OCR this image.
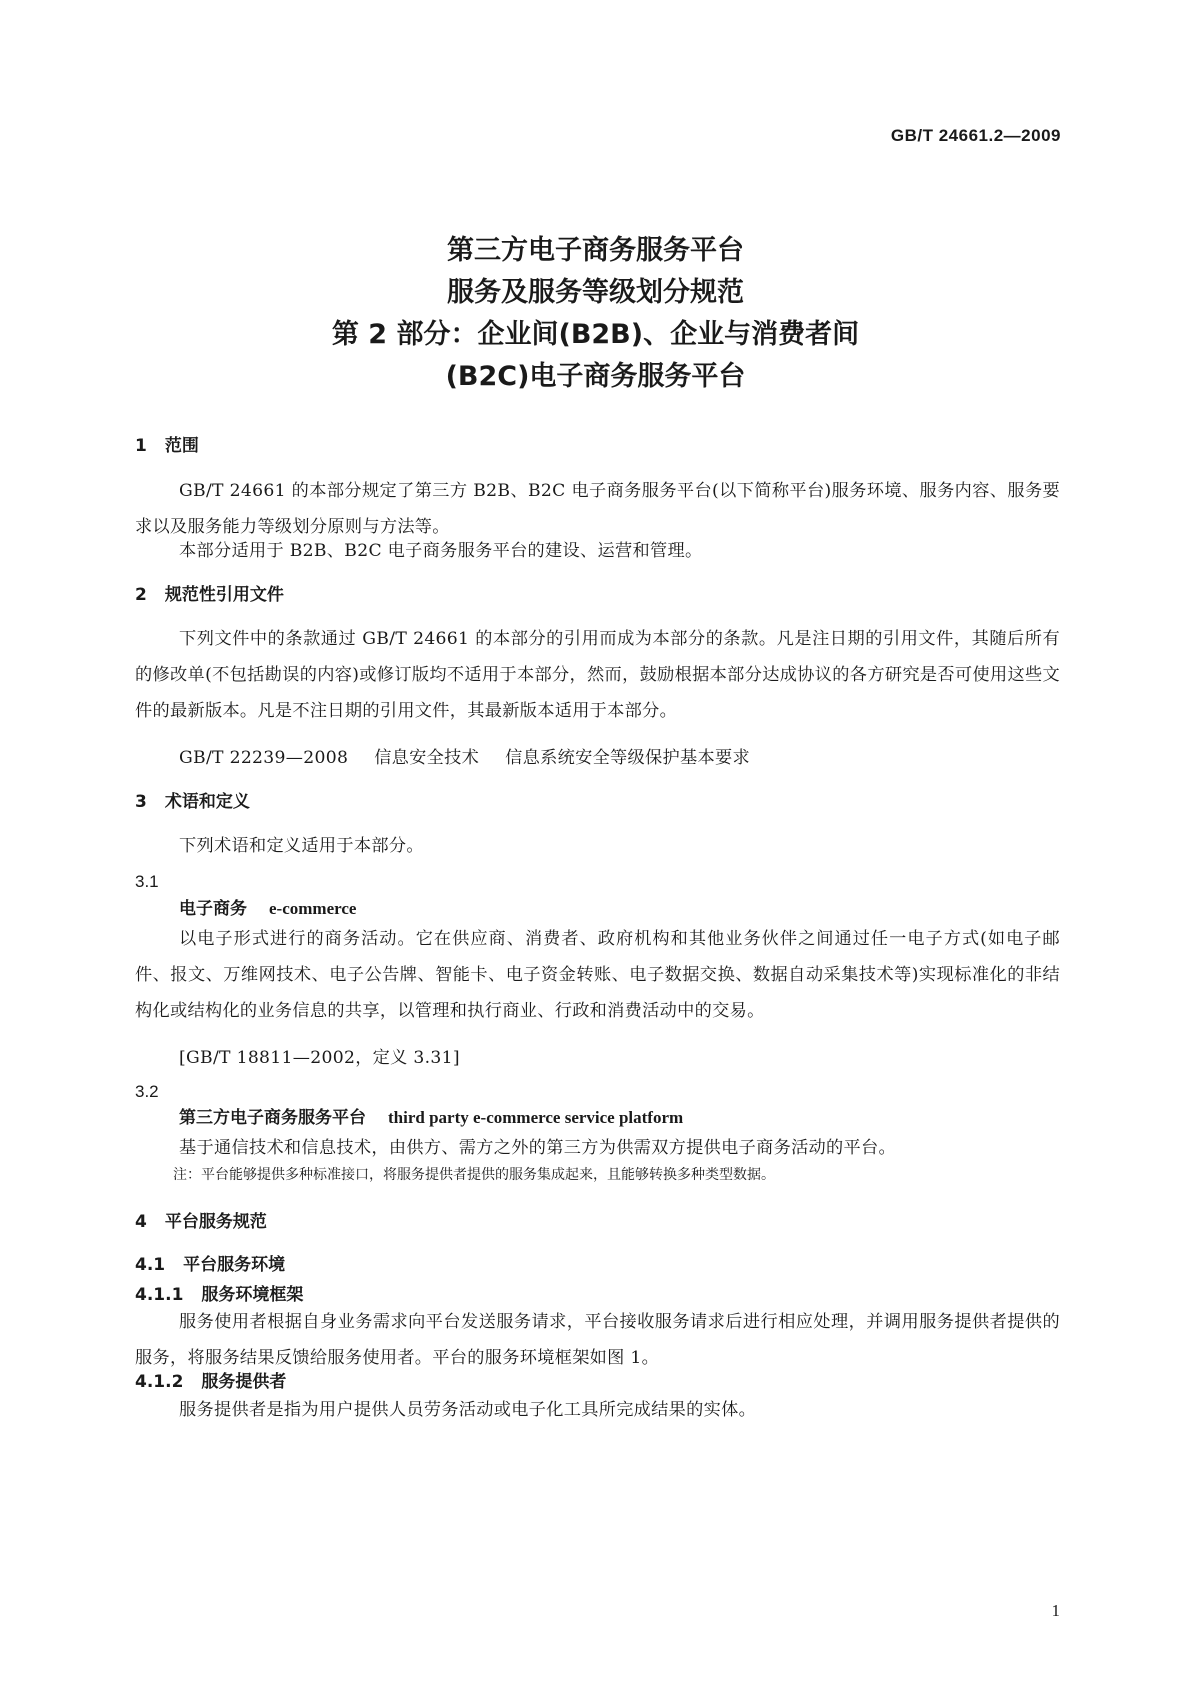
GB/T 24661.2—2009
第三方电子商务服务平台
服务及服务等级划分规范
第 2 部分：企业间(B2B)、企业与消费者间
(B2C)电子商务服务平台
1 范围
GB/T 24661 的本部分规定了第三方 B2B、B2C 电子商务服务平台(以下简称平台)服务环境、服务内容、服务要求以及服务能力等级划分原则与方法等。
本部分适用于 B2B、B2C 电子商务服务平台的建设、运营和管理。
2 规范性引用文件
下列文件中的条款通过 GB/T 24661 的本部分的引用而成为本部分的条款。凡是注日期的引用文件，其随后所有的修改单(不包括勘误的内容)或修订版均不适用于本部分，然而，鼓励根据本部分达成协议的各方研究是否可使用这些文件的最新版本。凡是不注日期的引用文件，其最新版本适用于本部分。
GB/T 22239—2008 信息安全技术 信息系统安全等级保护基本要求
3 术语和定义
下列术语和定义适用于本部分。
3.1
电子商务 e-commerce
以电子形式进行的商务活动。它在供应商、消费者、政府机构和其他业务伙伴之间通过任一电子方式(如电子邮件、报文、万维网技术、电子公告牌、智能卡、电子资金转账、电子数据交换、数据自动采集技术等)实现标准化的非结构化或结构化的业务信息的共享，以管理和执行商业、行政和消费活动中的交易。
[GB/T 18811—2002，定义 3.31]
3.2
第三方电子商务服务平台 third party e-commerce service platform
基于通信技术和信息技术，由供方、需方之外的第三方为供需双方提供电子商务活动的平台。
注：平台能够提供多种标准接口，将服务提供者提供的服务集成起来，且能够转换多种类型数据。
4 平台服务规范
4.1 平台服务环境
4.1.1 服务环境框架
服务使用者根据自身业务需求向平台发送服务请求，平台接收服务请求后进行相应处理，并调用服务提供者提供的服务，将服务结果反馈给服务使用者。平台的服务环境框架如图 1。
4.1.2 服务提供者
服务提供者是指为用户提供人员劳务活动或电子化工具所完成结果的实体。
1
